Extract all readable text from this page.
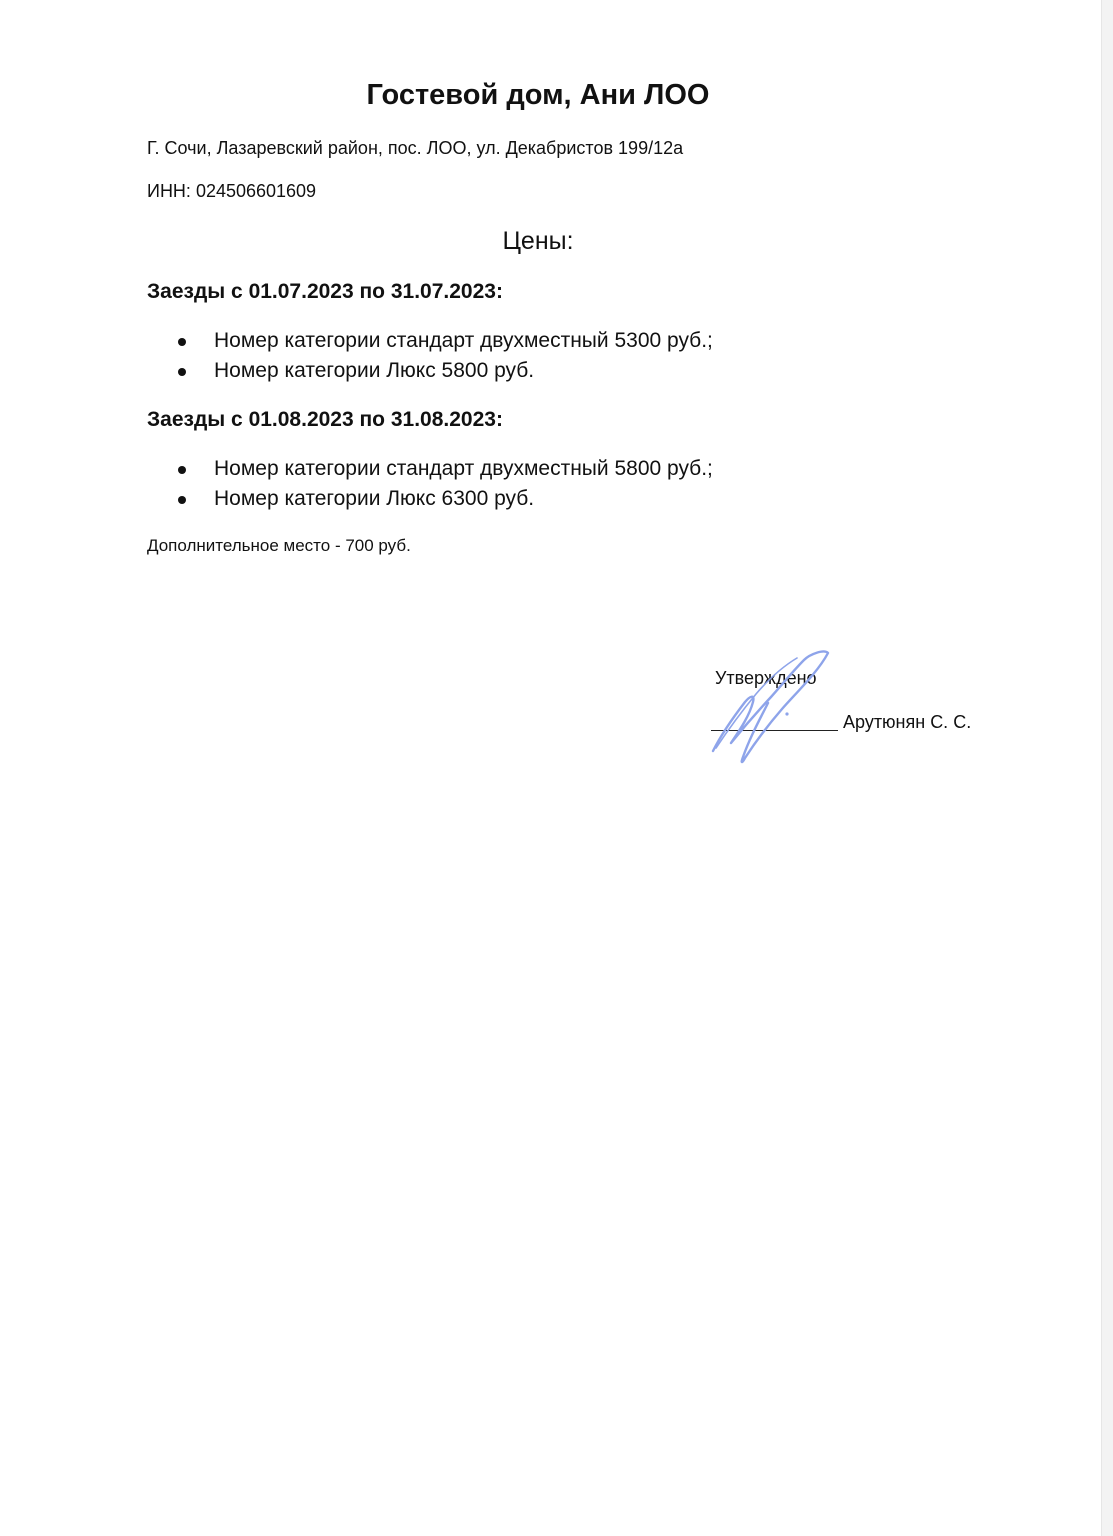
Гостевой дом, Ани ЛОО
Г. Сочи, Лазаревский район, пос. ЛОО, ул. Декабристов 199/12а
ИНН: 024506601609
Цены:
Заезды с 01.07.2023 по 31.07.2023:
Номер категории стандарт двухместный 5300 руб.;
Номер категории Люкс 5800 руб.
Заезды с 01.08.2023 по 31.08.2023:
Номер категории стандарт двухместный 5800 руб.;
Номер категории Люкс 6300 руб.
Дополнительное место - 700 руб.
Утверждено
Арутюнян С. С.
